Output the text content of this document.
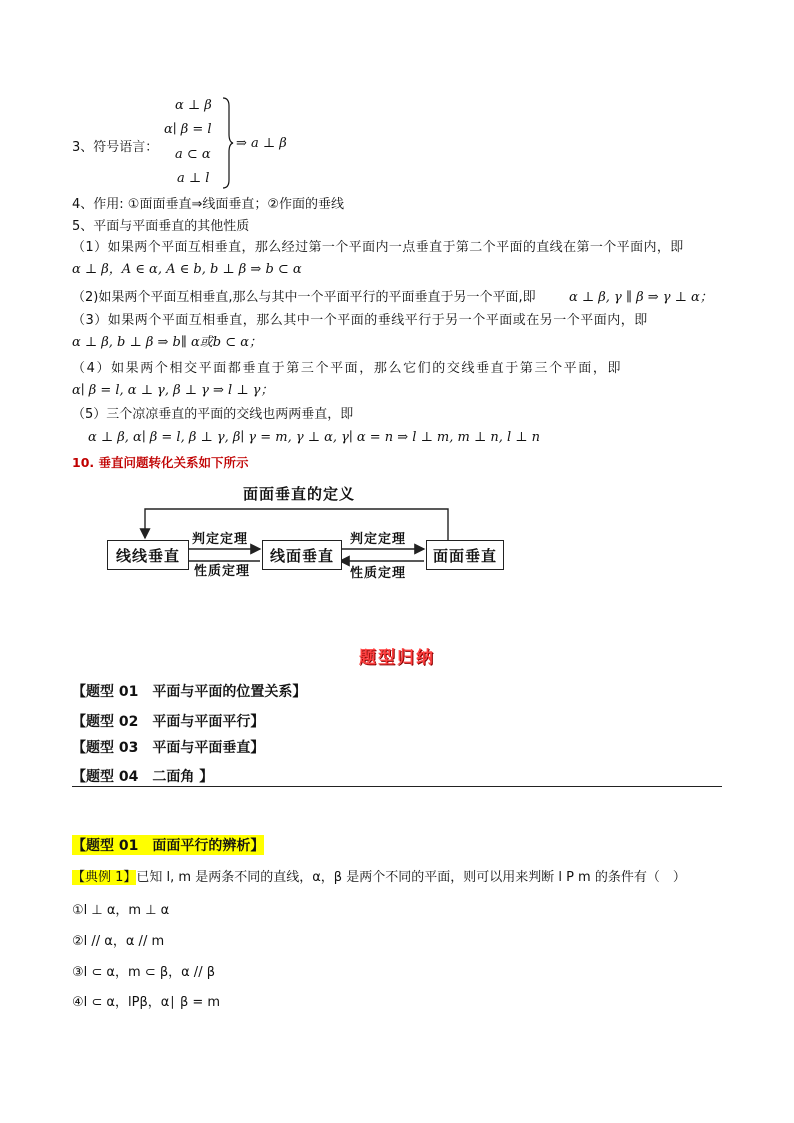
3、符号语言：
α ⊥ β
α∣ β = l
a ⊂ α
a ⊥ l
⇒ a ⊥ β
4、作用: ①面面垂直⇒线面垂直；②作面的垂线
5、平面与平面垂直的其他性质
（1）如果两个平面互相垂直，那么经过第一个平面内一点垂直于第二个平面的直线在第一个平面内，即
α ⊥ β，A ∈ α, A ∈ b, b ⊥ β ⇒ b ⊂ α
（2)如果两个平面互相垂直,那么与其中一个平面平行的平面垂直于另一个平面,即	α ⊥ β, γ ∥ β ⇒ γ ⊥ α；
（3）如果两个平面互相垂直，那么其中一个平面的垂线平行于另一个平面或在另一个平面内，即
α ⊥ β, b ⊥ β ⇒ b∥ α或b ⊂ α；
（4）如果两个相交平面都垂直于第三个平面，那么它们的交线垂直于第三个平面，即
α∣ β = l, α ⊥ γ, β ⊥ γ ⇒ l ⊥ γ；
（5）三个凉凉垂直的平面的交线也两两垂直，即
α ⊥ β, α∣ β = l, β ⊥ γ, β∣ γ = m, γ ⊥ α, γ∣ α = n ⇒ l ⊥ m, m ⊥ n, l ⊥ n
10. 垂直问题转化关系如下所示
面面垂直的定义
线线垂直	线面垂直	面面垂直
判定定理
性质定理
判定定理
性质定理
题型归纳
【题型 01　平面与平面的位置关系】
【题型 02　平面与平面平行】
【题型 03　平面与平面垂直】
【题型 04　二面角 】
【题型 01　面面平行的辨析】
【典例 1】已知 l, m 是两条不同的直线，α，β 是两个不同的平面，则可以用来判断 l P m 的条件有（　）
①l ⊥ α，m ⊥ α
②l // α，α // m
③l ⊂ α，m ⊂ β，α // β
④l ⊂ α，lPβ，α∣ β = m
